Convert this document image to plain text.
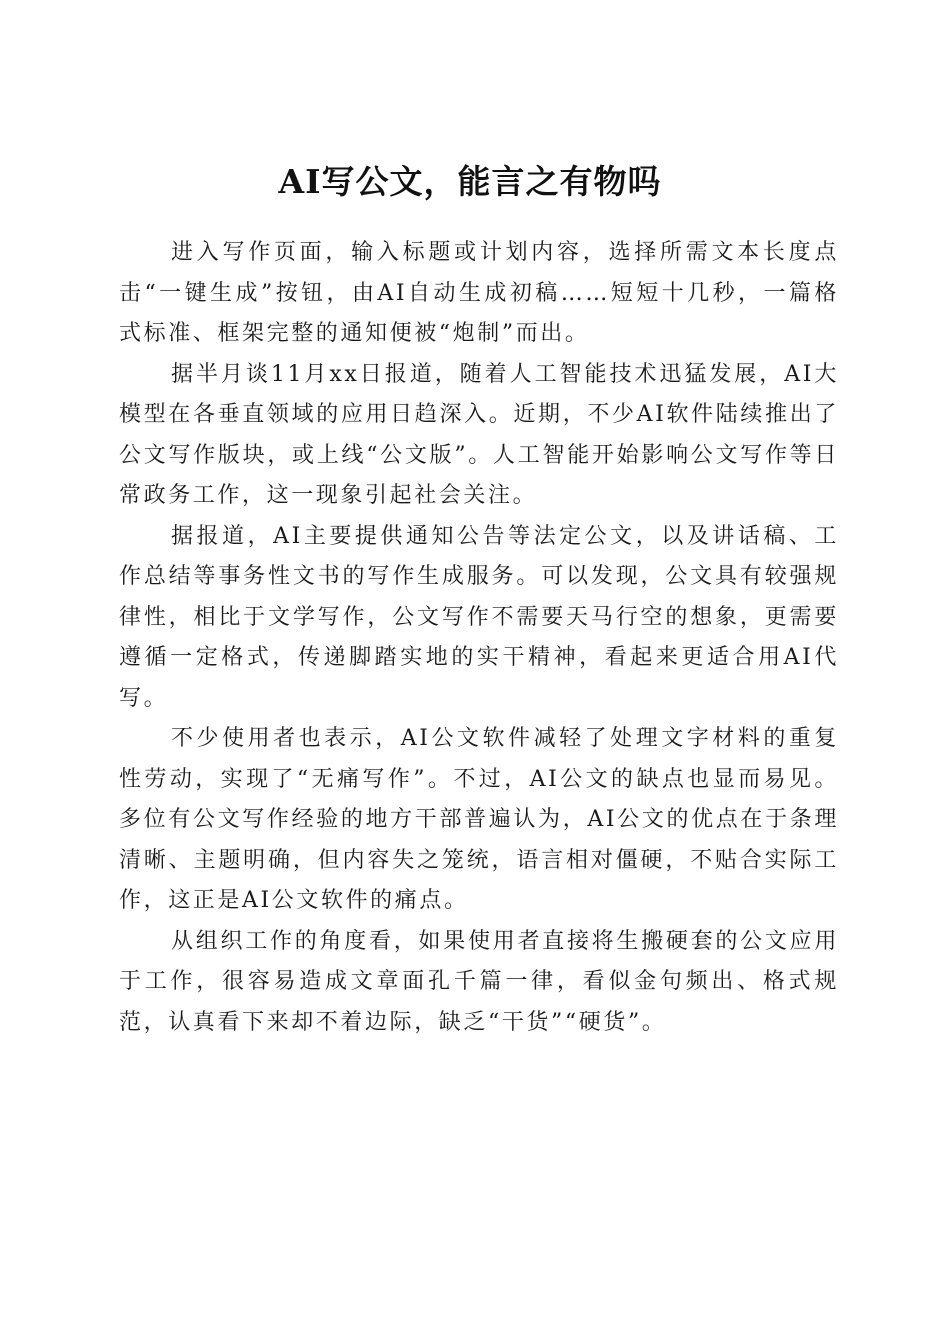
AI写公文，能言之有物吗

进入写作页面，输入标题或计划内容，选择所需文本长度点击“一键生成”按钮，由AI自动生成初稿……短短十几秒，一篇格式标准、框架完整的通知便被“炮制”而出。

据半月谈11月xx日报道，随着人工智能技术迅猛发展，AI大模型在各垂直领域的应用日趋深入。近期，不少AI软件陆续推出了公文写作版块，或上线“公文版”。人工智能开始影响公文写作等日常政务工作，这一现象引起社会关注。

据报道，AI主要提供通知公告等法定公文，以及讲话稿、工作总结等事务性文书的写作生成服务。可以发现，公文具有较强规律性，相比于文学写作，公文写作不需要天马行空的想象，更需要遵循一定格式，传递脚踏实地的实干精神，看起来更适合用AI代写。

不少使用者也表示，AI公文软件减轻了处理文字材料的重复性劳动，实现了“无痛写作”。不过，AI公文的缺点也显而易见。多位有公文写作经验的地方干部普遍认为，AI公文的优点在于条理清晰、主题明确，但内容失之笼统，语言相对僵硬，不贴合实际工作，这正是AI公文软件的痛点。

从组织工作的角度看，如果使用者直接将生搬硬套的公文应用于工作，很容易造成文章面孔千篇一律，看似金句频出、格式规范，认真看下来却不着边际，缺乏“干货”“硬货”。
